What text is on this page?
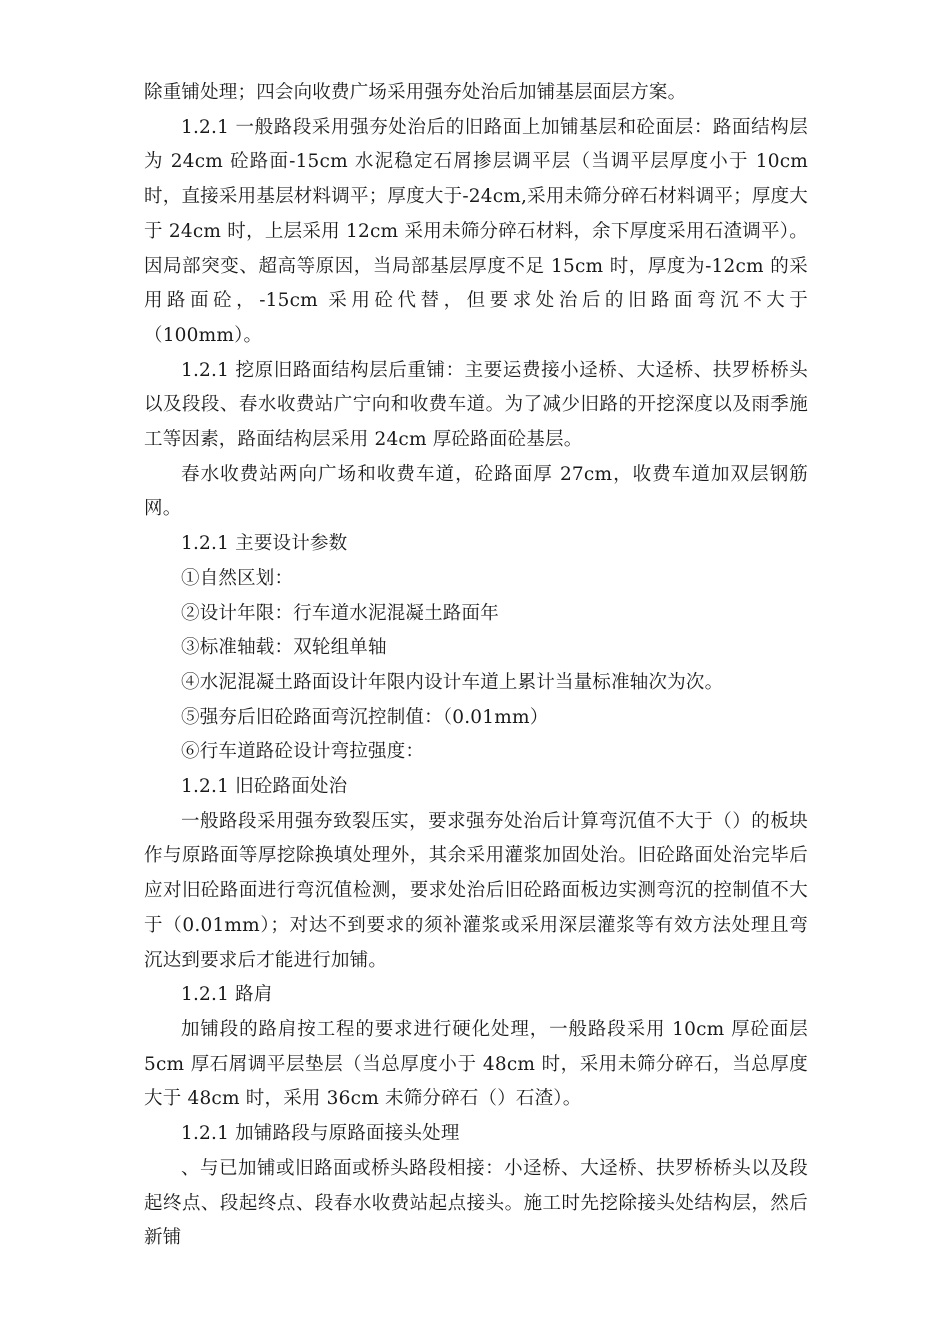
除重铺处理；四会向收费广场采用强夯处治后加铺基层面层方案。

1.2.1 一般路段采用强夯处治后的旧路面上加铺基层和砼面层：路面结构层为 24cm 砼路面-15cm 水泥稳定石屑掺层调平层（当调平层厚度小于 10cm 时，直接采用基层材料调平；厚度大于-24cm,采用未筛分碎石材料调平；厚度大于 24cm 时，上层采用 12cm 采用未筛分碎石材料，余下厚度采用石渣调平）。因局部突变、超高等原因，当局部基层厚度不足 15cm 时，厚度为-12cm 的采用路面砼，-15cm 采用砼代替，但要求处治后的旧路面弯沉不大于（100mm）。

1.2.1 挖原旧路面结构层后重铺：主要运费接小迳桥、大迳桥、扶罗桥桥头以及段段、春水收费站广宁向和收费车道。为了减少旧路的开挖深度以及雨季施工等因素，路面结构层采用 24cm 厚砼路面砼基层。

春水收费站两向广场和收费车道，砼路面厚 27cm，收费车道加双层钢筋网。

1.2.1 主要设计参数

①自然区划：

②设计年限：行车道水泥混凝土路面年

③标准轴载：双轮组单轴

④水泥混凝土路面设计年限内设计车道上累计当量标准轴次为次。

⑤强夯后旧砼路面弯沉控制值：（0.01mm）

⑥行车道路砼设计弯拉强度：

1.2.1 旧砼路面处治

一般路段采用强夯致裂压实，要求强夯处治后计算弯沉值不大于（）的板块作与原路面等厚挖除换填处理外，其余采用灌浆加固处治。旧砼路面处治完毕后应对旧砼路面进行弯沉值检测，要求处治后旧砼路面板边实测弯沉的控制值不大于（0.01mm）；对达不到要求的须补灌浆或采用深层灌浆等有效方法处理且弯沉达到要求后才能进行加铺。

1.2.1 路肩

加铺段的路肩按工程的要求进行硬化处理，一般路段采用 10cm 厚砼面层 5cm 厚石屑调平层垫层（当总厚度小于 48cm 时，采用未筛分碎石，当总厚度大于 48cm 时，采用 36cm 未筛分碎石（）石渣）。

1.2.1 加铺路段与原路面接头处理

、与已加铺或旧路面或桥头路段相接：小迳桥、大迳桥、扶罗桥桥头以及段起终点、段起终点、段春水收费站起点接头。施工时先挖除接头处结构层，然后新铺
